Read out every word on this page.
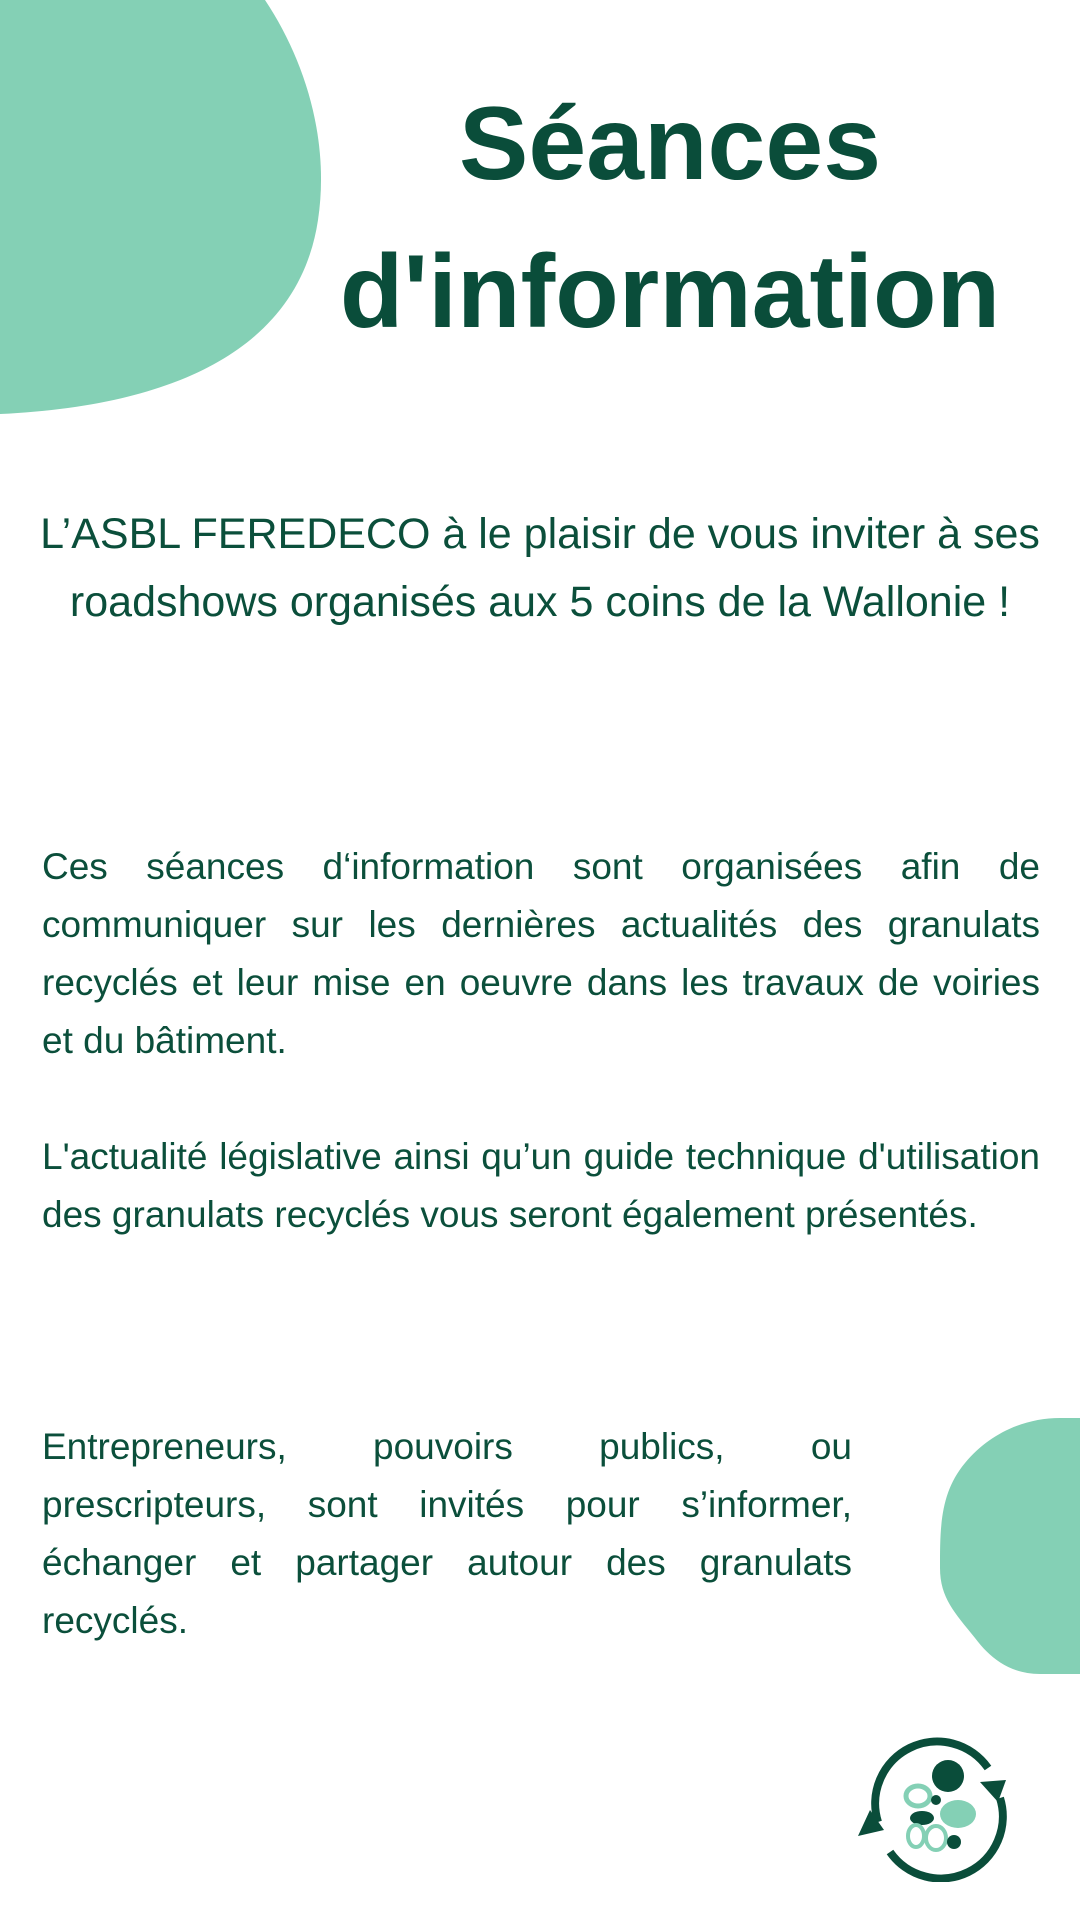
Séances
d'information

L’ASBL FEREDECO à le plaisir de vous inviter à ses roadshows organisés aux 5 coins de la Wallonie !

Ces séances d‘information sont organisées afin de communiquer sur les dernières actualités des granulats recyclés et leur mise en oeuvre dans les travaux de voiries et du bâtiment.

L'actualité législative ainsi qu’un guide technique d'utilisation des granulats recyclés vous seront également présentés.

Entrepreneurs, pouvoirs publics, ou prescripteurs, sont invités pour s’informer, échanger et partager autour des granulats recyclés.
